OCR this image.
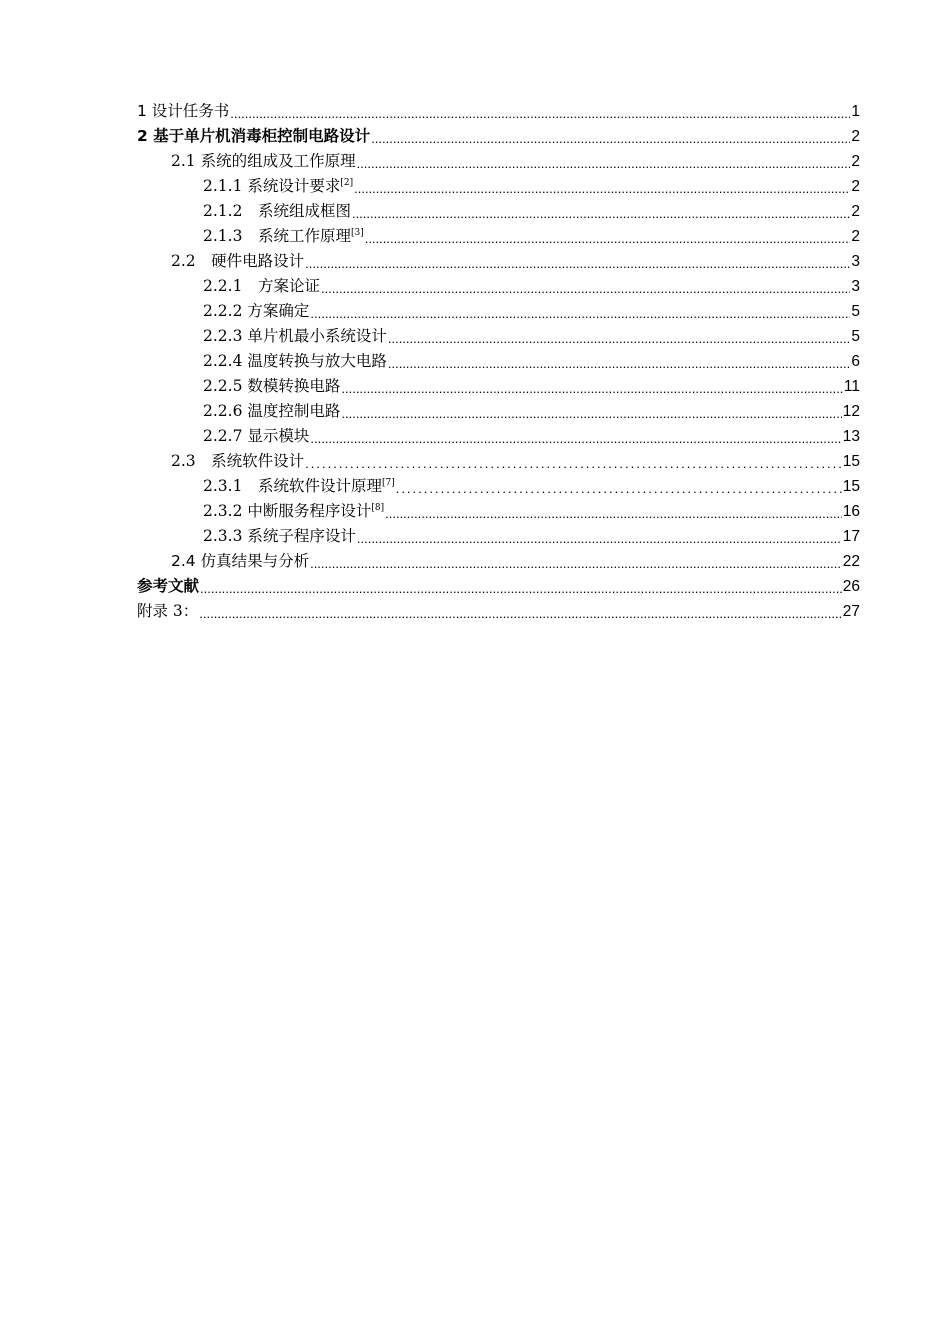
1 设计任务书 .....	1
2 基于单片机消毒柜控制电路设计 .....	2
2.1 系统的组成及工作原理 .....	2
2.1.1 系统设计要求[2] .....	2
2.1.2　系统组成框图 .....	2
2.1.3　系统工作原理[3] .....	2
2.2　硬件电路设计 .....	3
2.2.1　方案论证 .....	3
2.2.2 方案确定 .....	5
2.2.3 单片机最小系统设计 .....	5
2.2.4 温度转换与放大电路 .....	6
2.2.5 数模转换电路 .....	11
2.2.6 温度控制电路 .....	12
2.2.7 显示模块 .....	13
2.3　系统软件设计 .....	15
2.3.1　系统软件设计原理[7] .....	15
2.3.2 中断服务程序设计[8] .....	16
2.3.3 系统子程序设计 .....	17
2.4 仿真结果与分析 .....	22
参考文献 .....	26
附录 3： .....	27
